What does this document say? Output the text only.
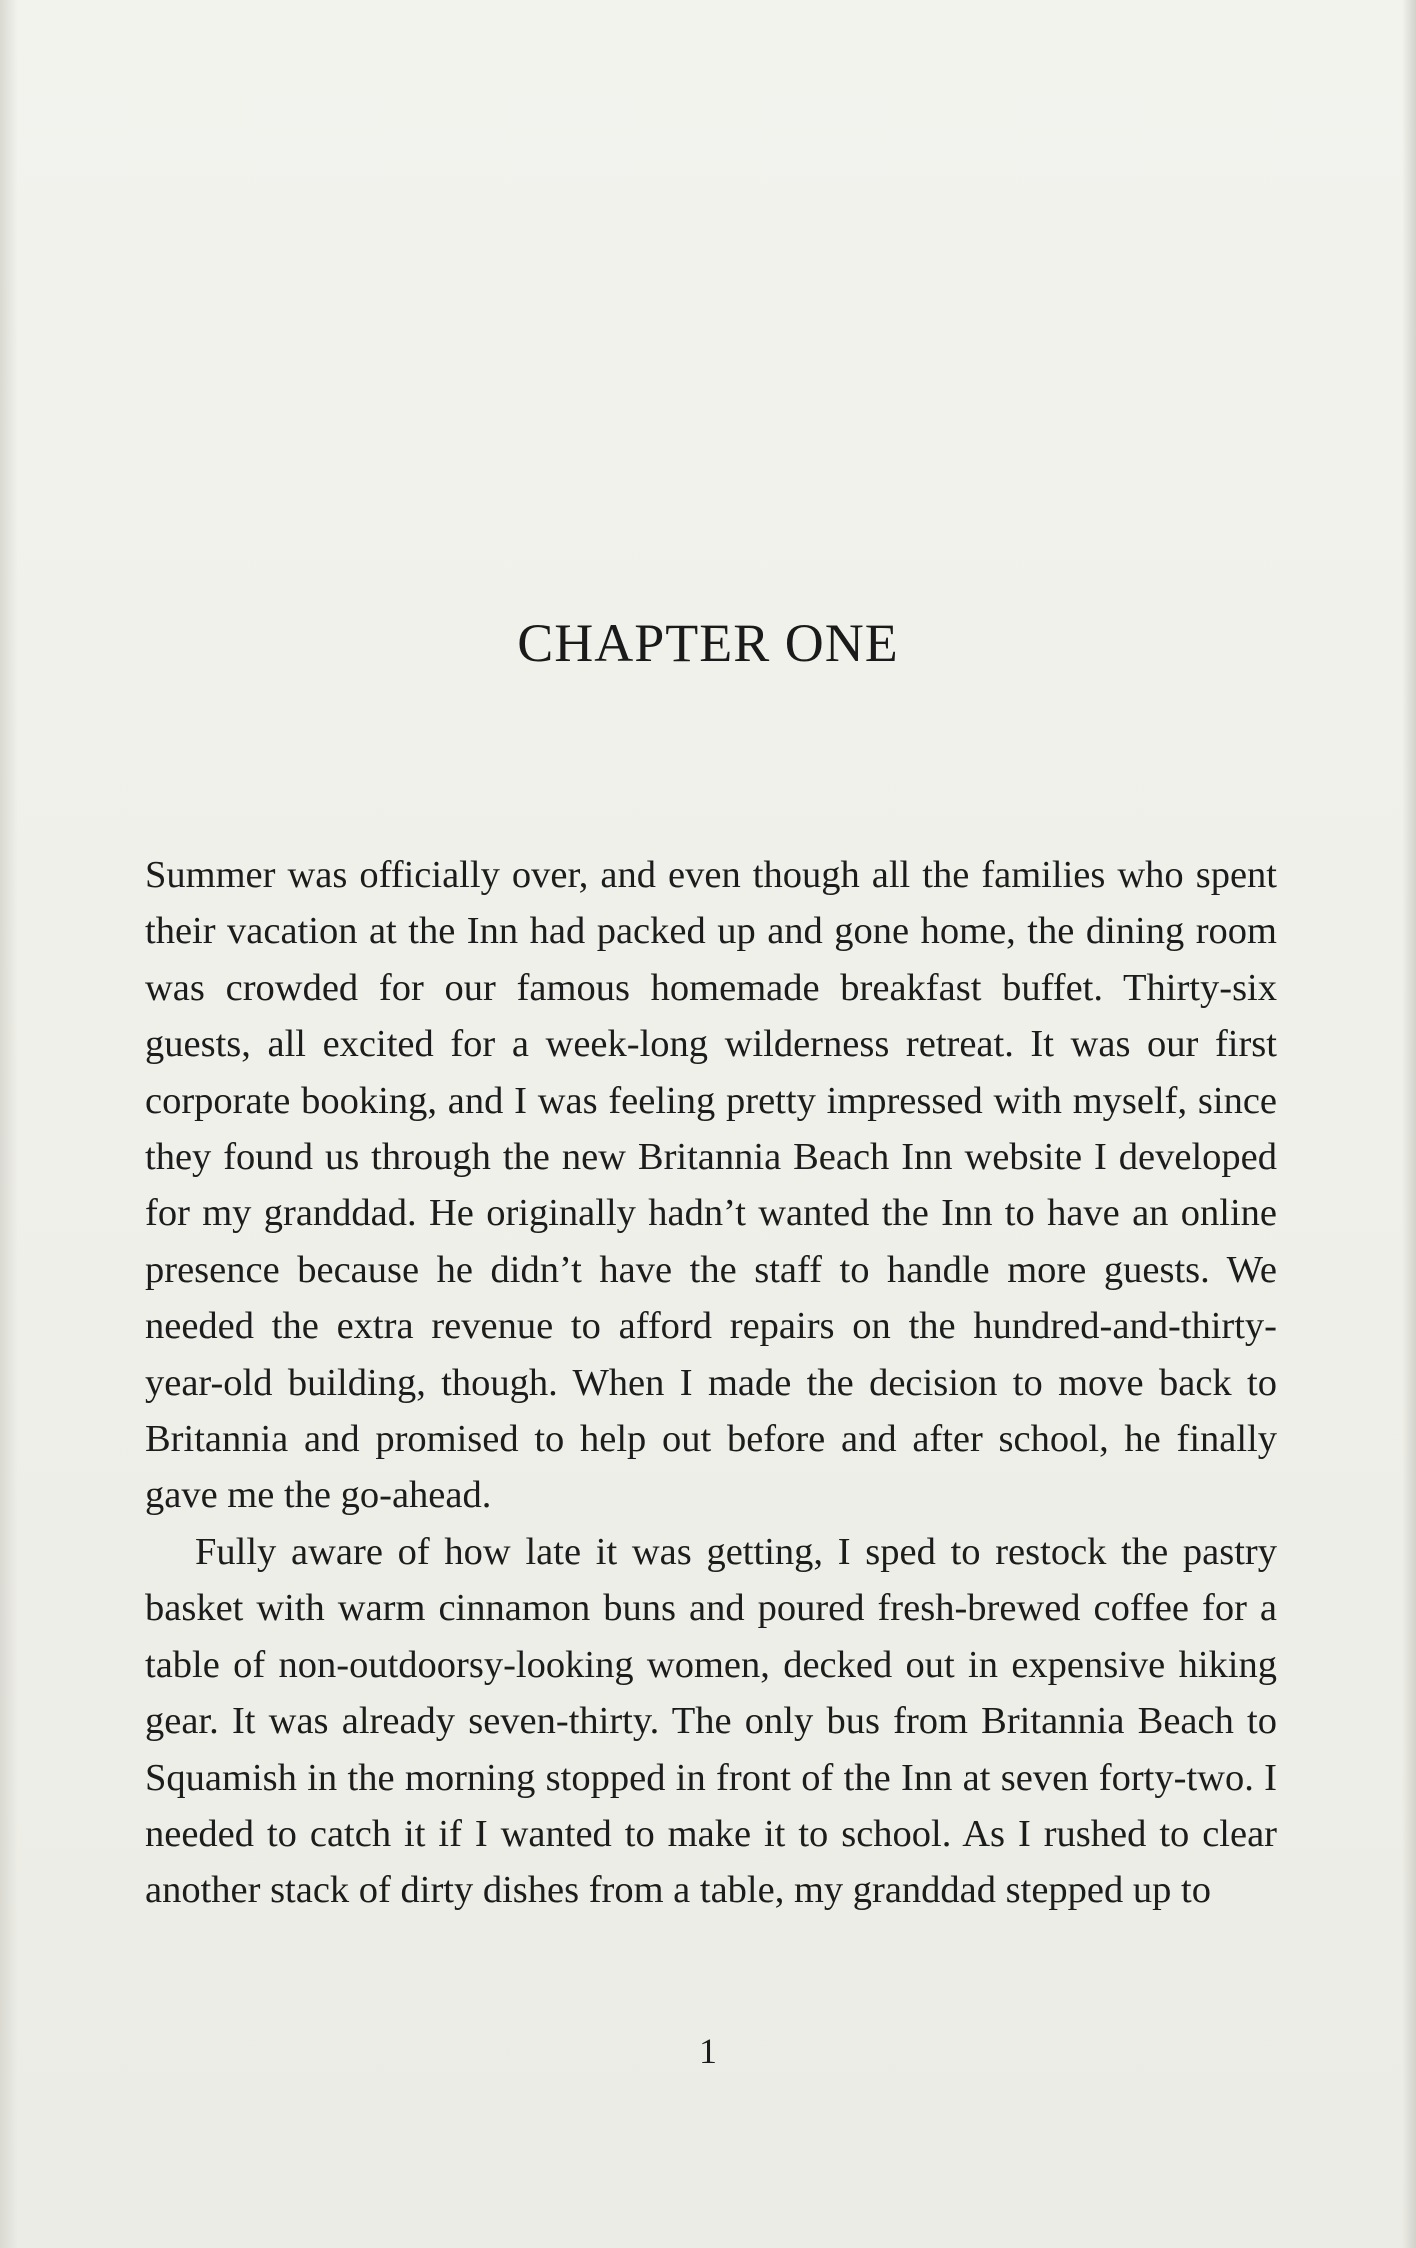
CHAPTER ONE

Summer was officially over, and even though all the families who spent their vacation at the Inn had packed up and gone home, the dining room was crowded for our famous homemade breakfast buffet. Thirty-six guests, all excited for a week-long wilderness retreat. It was our first corporate booking, and I was feeling pretty impressed with myself, since they found us through the new Britannia Beach Inn website I developed for my granddad. He originally hadn’t wanted the Inn to have an online presence because he didn’t have the staff to handle more guests. We needed the extra revenue to afford repairs on the hundred-and-thirty-year-old building, though. When I made the decision to move back to Britannia and promised to help out before and after school, he finally gave me the go-ahead.

Fully aware of how late it was getting, I sped to restock the pastry basket with warm cinnamon buns and poured fresh-brewed coffee for a table of non-outdoorsy-looking women, decked out in expensive hiking gear. It was already seven-thirty. The only bus from Britannia Beach to Squamish in the morning stopped in front of the Inn at seven forty-two. I needed to catch it if I wanted to make it to school. As I rushed to clear another stack of dirty dishes from a table, my granddad stepped up to

1
